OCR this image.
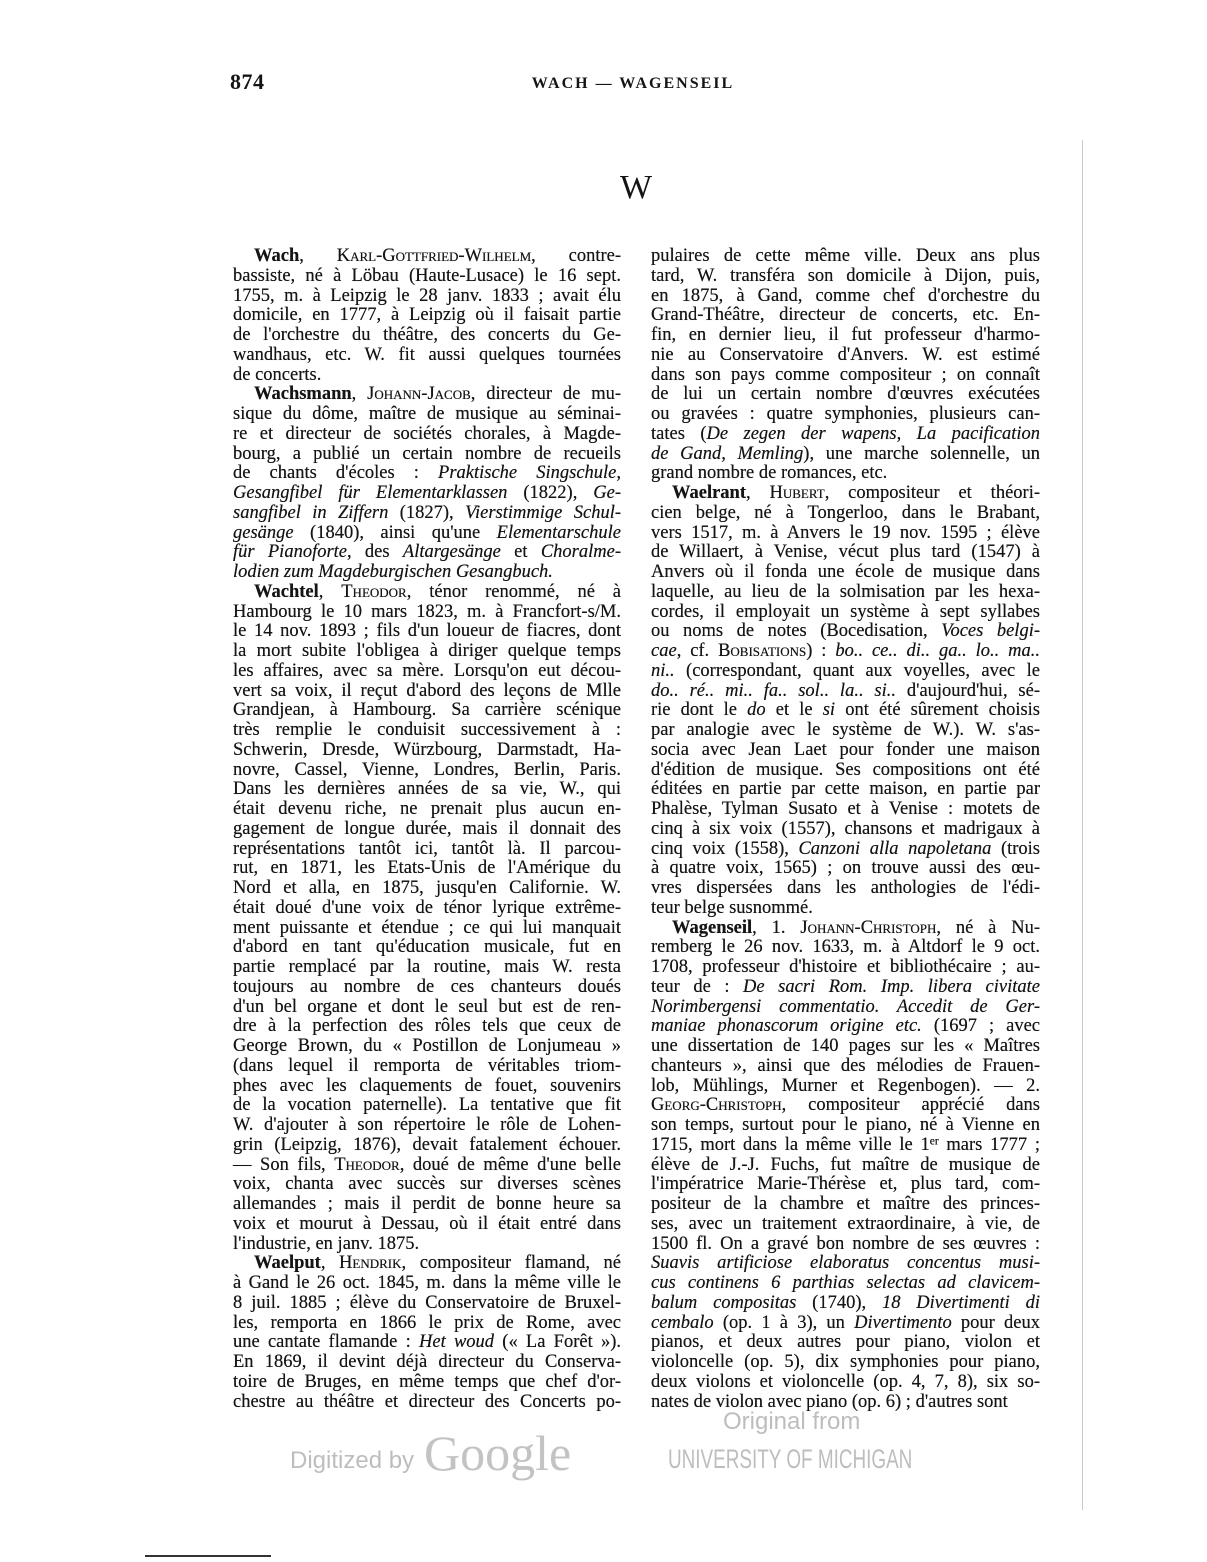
874	WACH — WAGENSEIL
W
Wach, Karl-Gottfried-Wilhelm, contre-
bassiste, né à Löbau (Haute-Lusace) le 16 sept.
1755, m. à Leipzig le 28 janv. 1833 ; avait élu
domicile, en 1777, à Leipzig où il faisait partie
de l'orchestre du théâtre, des concerts du Ge-
wandhaus, etc. W. fit aussi quelques tournées
de concerts.
Wachsmann, Johann-Jacob, directeur de mu-
sique du dôme, maître de musique au séminai-
re et directeur de sociétés chorales, à Magde-
bourg, a publié un certain nombre de recueils
de chants d'écoles : Praktische Singschule,
Gesangfibel für Elementarklassen (1822), Ge-
sangfibel in Ziffern (1827), Vierstimmige Schul-
gesänge (1840), ainsi qu'une Elementarschule
für Pianoforte, des Altargesänge et Choralme-
lodien zum Magdeburgischen Gesangbuch.
Wachtel, Theodor, ténor renommé, né à
Hambourg le 10 mars 1823, m. à Francfort-s/M.
le 14 nov. 1893 ; fils d'un loueur de fiacres, dont
la mort subite l'obligea à diriger quelque temps
les affaires, avec sa mère. Lorsqu'on eut décou-
vert sa voix, il reçut d'abord des leçons de Mlle
Grandjean, à Hambourg. Sa carrière scénique
très remplie le conduisit successivement à :
Schwerin, Dresde, Würzbourg, Darmstadt, Ha-
novre, Cassel, Vienne, Londres, Berlin, Paris.
Dans les dernières années de sa vie, W., qui
était devenu riche, ne prenait plus aucun en-
gagement de longue durée, mais il donnait des
représentations tantôt ici, tantôt là. Il parcou-
rut, en 1871, les Etats-Unis de l'Amérique du
Nord et alla, en 1875, jusqu'en Californie. W.
était doué d'une voix de ténor lyrique extrême-
ment puissante et étendue ; ce qui lui manquait
d'abord en tant qu'éducation musicale, fut en
partie remplacé par la routine, mais W. resta
toujours au nombre de ces chanteurs doués
d'un bel organe et dont le seul but est de ren-
dre à la perfection des rôles tels que ceux de
George Brown, du « Postillon de Lonjumeau »
(dans lequel il remporta de véritables triom-
phes avec les claquements de fouet, souvenirs
de la vocation paternelle). La tentative que fit
W. d'ajouter à son répertoire le rôle de Lohen-
grin (Leipzig, 1876), devait fatalement échouer.
— Son fils, Theodor, doué de même d'une belle
voix, chanta avec succès sur diverses scènes
allemandes ; mais il perdit de bonne heure sa
voix et mourut à Dessau, où il était entré dans
l'industrie, en janv. 1875.
Waelput, Hendrik, compositeur flamand, né
à Gand le 26 oct. 1845, m. dans la même ville le
8 juil. 1885 ; élève du Conservatoire de Bruxel-
les, remporta en 1866 le prix de Rome, avec
une cantate flamande : Het woud (« La Forêt »).
En 1869, il devint déjà directeur du Conserva-
toire de Bruges, en même temps que chef d'or-
chestre au théâtre et directeur des Concerts po-
pulaires de cette même ville. Deux ans plus
tard, W. transféra son domicile à Dijon, puis,
en 1875, à Gand, comme chef d'orchestre du
Grand-Théâtre, directeur de concerts, etc. En-
fin, en dernier lieu, il fut professeur d'harmo-
nie au Conservatoire d'Anvers. W. est estimé
dans son pays comme compositeur ; on connaît
de lui un certain nombre d'œuvres exécutées
ou gravées : quatre symphonies, plusieurs can-
tates (De zegen der wapens, La pacification
de Gand, Memling), une marche solennelle, un
grand nombre de romances, etc.
Waelrant, Hubert, compositeur et théori-
cien belge, né à Tongerloo, dans le Brabant,
vers 1517, m. à Anvers le 19 nov. 1595 ; élève
de Willaert, à Venise, vécut plus tard (1547) à
Anvers où il fonda une école de musique dans
laquelle, au lieu de la solmisation par les hexa-
cordes, il employait un système à sept syllabes
ou noms de notes (Bocedisation, Voces belgi-
cae, cf. Bobisations) : bo.. ce.. di.. ga.. lo.. ma..
ni.. (correspondant, quant aux voyelles, avec le
do.. ré.. mi.. fa.. sol.. la.. si.. d'aujourd'hui, sé-
rie dont le do et le si ont été sûrement choisis
par analogie avec le système de W.). W. s'as-
socia avec Jean Laet pour fonder une maison
d'édition de musique. Ses compositions ont été
éditées en partie par cette maison, en partie par
Phalèse, Tylman Susato et à Venise : motets de
cinq à six voix (1557), chansons et madrigaux à
cinq voix (1558), Canzoni alla napoletana (trois
à quatre voix, 1565) ; on trouve aussi des œu-
vres dispersées dans les anthologies de l'édi-
teur belge susnommé.
Wagenseil, 1. Johann-Christoph, né à Nu-
remberg le 26 nov. 1633, m. à Altdorf le 9 oct.
1708, professeur d'histoire et bibliothécaire ; au-
teur de : De sacri Rom. Imp. libera civitate
Norimbergensi commentatio. Accedit de Ger-
maniae phonascorum origine etc. (1697 ; avec
une dissertation de 140 pages sur les « Maîtres
chanteurs », ainsi que des mélodies de Frauen-
lob, Mühlings, Murner et Regenbogen). — 2.
Georg-Christoph, compositeur apprécié dans
son temps, surtout pour le piano, né à Vienne en
1715, mort dans la même ville le 1er mars 1777 ;
élève de J.-J. Fuchs, fut maître de musique de
l'impératrice Marie-Thérèse et, plus tard, com-
positeur de la chambre et maître des princes-
ses, avec un traitement extraordinaire, à vie, de
1500 fl. On a gravé bon nombre de ses œuvres :
Suavis artificiose elaboratus concentus musi-
cus continens 6 parthias selectas ad clavicem-
balum compositas (1740), 18 Divertimenti di
cembalo (op. 1 à 3), un Divertimento pour deux
pianos, et deux autres pour piano, violon et
violoncelle (op. 5), dix symphonies pour piano,
deux violons et violoncelle (op. 4, 7, 8), six so-
nates de violon avec piano (op. 6) ; d'autres sont
Digitized by Google
Original from
UNIVERSITY OF MICHIGAN
